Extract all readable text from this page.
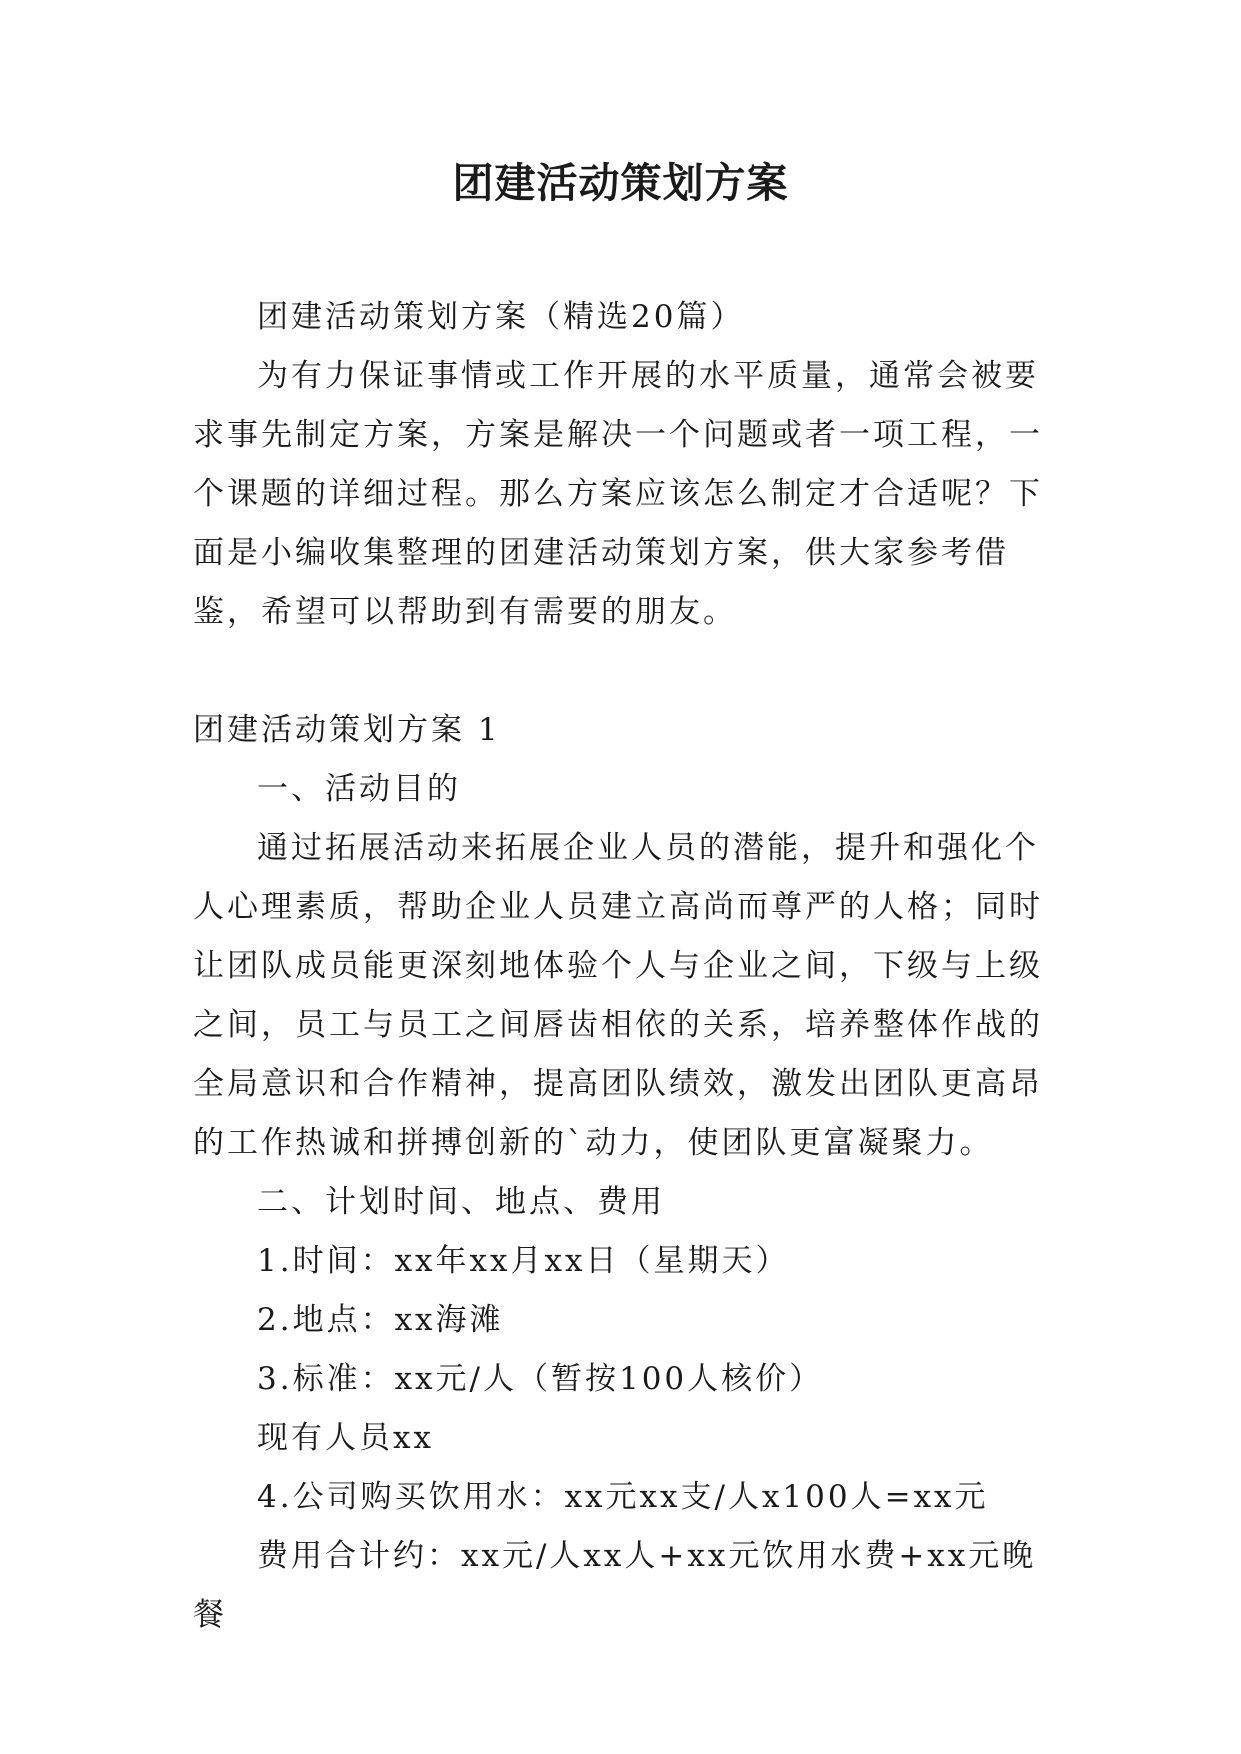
团建活动策划方案

团建活动策划方案（精选20篇）

为有力保证事情或工作开展的水平质量，通常会被要求事先制定方案，方案是解决一个问题或者一项工程，一个课题的详细过程。那么方案应该怎么制定才合适呢？下面是小编收集整理的团建活动策划方案，供大家参考借鉴，希望可以帮助到有需要的朋友。

团建活动策划方案 1

一、活动目的

通过拓展活动来拓展企业人员的潜能，提升和强化个人心理素质，帮助企业人员建立高尚而尊严的人格；同时让团队成员能更深刻地体验个人与企业之间，下级与上级之间，员工与员工之间唇齿相依的关系，培养整体作战的全局意识和合作精神，提高团队绩效，激发出团队更高昂的工作热诚和拼搏创新的`动力，使团队更富凝聚力。

二、计划时间、地点、费用

1.时间：xx年xx月xx日（星期天）

2.地点：xx海滩

3.标准：xx元/人（暂按100人核价）

现有人员xx

4.公司购买饮用水：xx元xx支/人x100人=xx元

费用合计约：xx元/人xx人+xx元饮用水费+xx元晚餐
